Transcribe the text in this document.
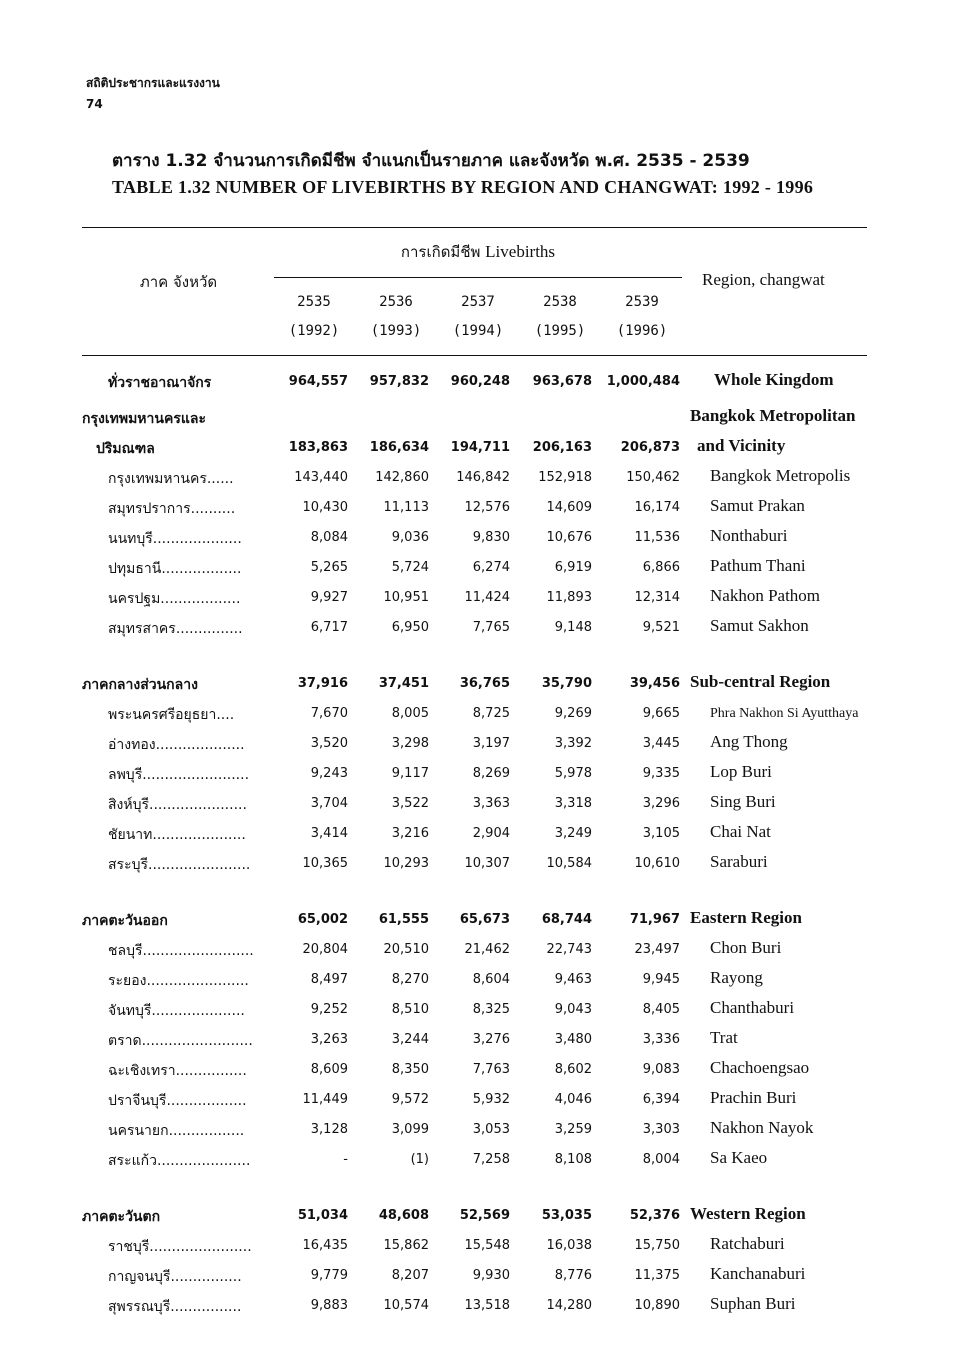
สถิติประชากรและแรงงาน
74
ตาราง 1.32 จำนวนการเกิดมีชีพ จำแนกเป็นรายภาค และจังหวัด พ.ศ. 2535 - 2539
TABLE 1.32 NUMBER OF LIVEBIRTHS BY REGION AND CHANGWAT: 1992 - 1996
ภาค จังหวัด
การเกิดมีชีพ Livebirths
Region, changwat
2535	2536	2537	2538	2539
(1992)	(1993)	(1994)	(1995)	(1996)
ทั่วราชอาณาจักร	964,557	957,832	960,248	963,678	1,000,484 Whole Kingdom
กรุงเทพมหานครและ	Bangkok Metropolitan
ปริมณฑล	183,863	186,634	194,711	206,163	206,873 and Vicinity
กรุงเทพมหานคร......	143,440	142,860	146,842	152,918	150,462 Bangkok Metropolis
สมุทรปราการ..........	10,430	11,113	12,576	14,609	16,174 Samut Prakan
นนทบุรี....................	8,084	9,036	9,830	10,676	11,536 Nonthaburi
ปทุมธานี..................	5,265	5,724	6,274	6,919	6,866 Pathum Thani
นครปฐม..................	9,927	10,951	11,424	11,893	12,314 Nakhon Pathom
สมุทรสาคร...............	6,717	6,950	7,765	9,148	9,521 Samut Sakhon
ภาคกลางส่วนกลาง	37,916	37,451	36,765	35,790	39,456 Sub-central Region
พระนครศรีอยุธยา....	7,670	8,005	8,725	9,269	9,665 Phra Nakhon Si Ayutthaya
อ่างทอง....................	3,520	3,298	3,197	3,392	3,445 Ang Thong
ลพบุรี........................	9,243	9,117	8,269	5,978	9,335 Lop Buri
สิงห์บุรี......................	3,704	3,522	3,363	3,318	3,296 Sing Buri
ชัยนาท.....................	3,414	3,216	2,904	3,249	3,105 Chai Nat
สระบุรี.......................	10,365	10,293	10,307	10,584	10,610 Saraburi
ภาคตะวันออก	65,002	61,555	65,673	68,744	71,967 Eastern Region
ชลบุรี.........................	20,804	20,510	21,462	22,743	23,497 Chon Buri
ระยอง.......................	8,497	8,270	8,604	9,463	9,945 Rayong
จันทบุรี.....................	9,252	8,510	8,325	9,043	8,405 Chanthaburi
ตราด.........................	3,263	3,244	3,276	3,480	3,336 Trat
ฉะเชิงเทรา................	8,609	8,350	7,763	8,602	9,083 Chachoengsao
ปราจีนบุรี..................	11,449	9,572	5,932	4,046	6,394 Prachin Buri
นครนายก.................	3,128	3,099	3,053	3,259	3,303 Nakhon Nayok
สระแก้ว.....................	-	(1)	7,258	8,108	8,004 Sa Kaeo
ภาคตะวันตก	51,034	48,608	52,569	53,035	52,376 Western Region
ราชบุรี.......................	16,435	15,862	15,548	16,038	15,750 Ratchaburi
กาญจนบุรี................	9,779	8,207	9,930	8,776	11,375 Kanchanaburi
สุพรรณบุรี................	9,883	10,574	13,518	14,280	10,890 Suphan Buri
